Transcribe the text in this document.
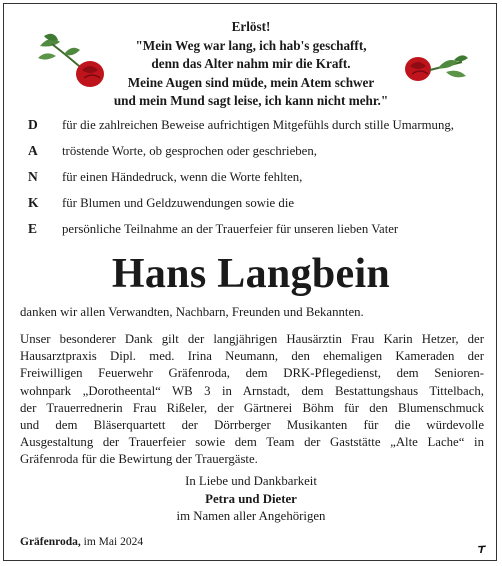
Erlöst!
"Mein Weg war lang, ich hab's geschafft,
denn das Alter nahm mir die Kraft.
Meine Augen sind müde, mein Atem schwer
und mein Mund sagt leise, ich kann nicht mehr."
D	für die zahlreichen Beweise aufrichtigen Mitgefühls durch stille Umarmung,
A	tröstende Worte, ob gesprochen oder geschrieben,
N	für einen Händedruck, wenn die Worte fehlten,
K	für Blumen und Geldzuwendungen sowie die
E	persönliche Teilnahme an der Trauerfeier für unseren lieben Vater
Hans Langbein
danken wir allen Verwandten, Nachbarn, Freunden und Bekannten.
Unser besonderer Dank gilt der langjährigen Hausärztin Frau Karin Hetzer, der
Hausarztpraxis Dipl. med. Irina Neumann, den ehemaligen Kameraden der
Freiwilligen Feuerwehr Gräfenroda, dem DRK-Pflegedienst, dem Senioren-
wohnpark „Dorotheental“ WB 3 in Arnstadt, dem Bestattungshaus Tittelbach,
der Trauerrednerin Frau Rißeler, der Gärtnerei Böhm für den Blumenschmuck
und dem Bläserquartett der Dörrberger Musikanten für die würdevolle
Ausgestaltung der Trauerfeier sowie dem Team der Gaststätte „Alte Lache“ in
Gräfenroda für die Bewirtung der Trauergäste.
In Liebe und Dankbarkeit
Petra und Dieter
im Namen aller Angehörigen
Gräfenroda, im Mai 2024
